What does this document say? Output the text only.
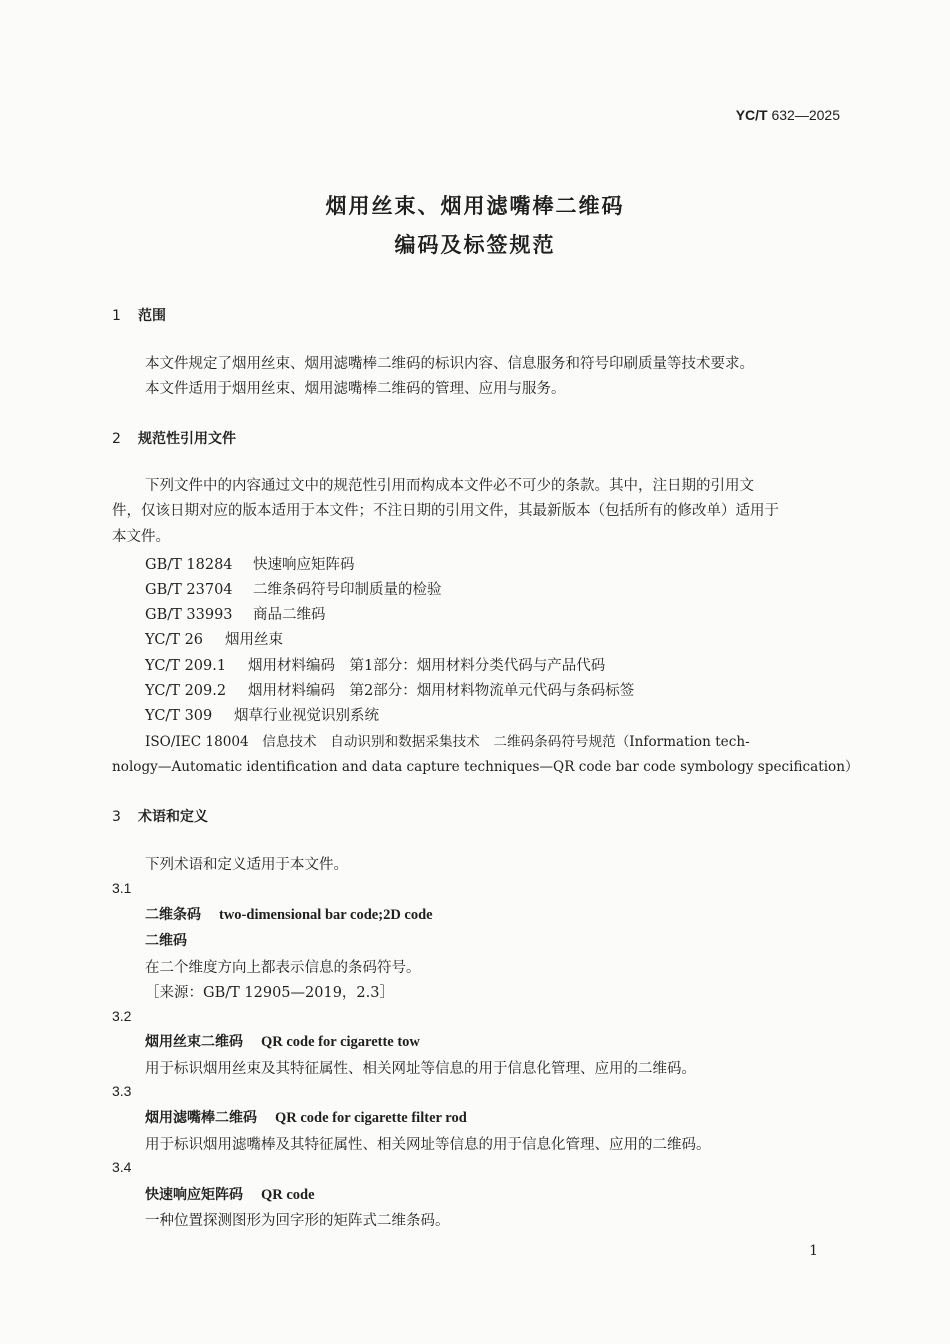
YC/T 632—2025
烟用丝束、烟用滤嘴棒二维码
编码及标签规范
1 范围
本文件规定了烟用丝束、烟用滤嘴棒二维码的标识内容、信息服务和符号印刷质量等技术要求。
本文件适用于烟用丝束、烟用滤嘴棒二维码的管理、应用与服务。
2 规范性引用文件
下列文件中的内容通过文中的规范性引用而构成本文件必不可少的条款。其中，注日期的引用文
件，仅该日期对应的版本适用于本文件；不注日期的引用文件，其最新版本（包括所有的修改单）适用于
本文件。
GB/T 18284 快速响应矩阵码
GB/T 23704 二维条码符号印制质量的检验
GB/T 33993 商品二维码
YC/T 26 烟用丝束
YC/T 209.1 烟用材料编码　第1部分：烟用材料分类代码与产品代码
YC/T 209.2 烟用材料编码　第2部分：烟用材料物流单元代码与条码标签
YC/T 309 烟草行业视觉识别系统
ISO/IEC 18004　信息技术　自动识别和数据采集技术　二维码条码符号规范（Information tech-
nology—Automatic identification and data capture techniques—QR code bar code symbology specification）
3 术语和定义
下列术语和定义适用于本文件。
3.1
二维条码 two-dimensional bar code;2D code
二维码
在二个维度方向上都表示信息的条码符号。
［来源：GB/T 12905—2019，2.3］
3.2
烟用丝束二维码 QR code for cigarette tow
用于标识烟用丝束及其特征属性、相关网址等信息的用于信息化管理、应用的二维码。
3.3
烟用滤嘴棒二维码 QR code for cigarette filter rod
用于标识烟用滤嘴棒及其特征属性、相关网址等信息的用于信息化管理、应用的二维码。
3.4
快速响应矩阵码 QR code
一种位置探测图形为回字形的矩阵式二维条码。
1
